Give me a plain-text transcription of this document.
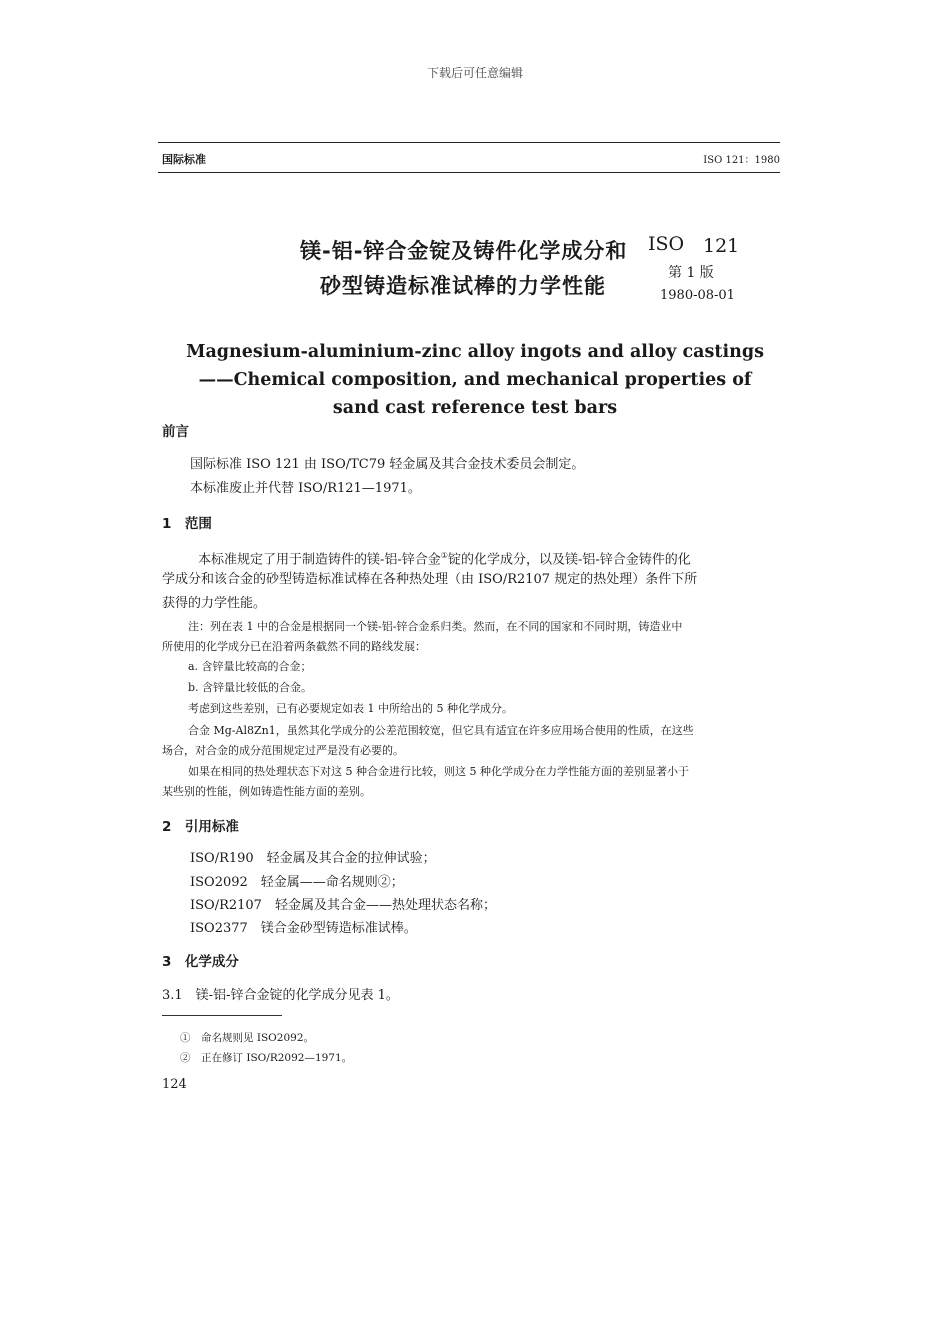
下载后可任意编辑
国际标准	ISO 121：1980
镁-铝-锌合金锭及铸件化学成分和
砂型铸造标准试棒的力学性能
ISO 121
第 1 版
1980-08-01
Magnesium-aluminium-zinc alloy ingots and alloy castings
——Chemical composition, and mechanical properties of
sand cast reference test bars
前言
国际标准 ISO 121 由 ISO/TC79 轻金属及其合金技术委员会制定。
本标准废止并代替 ISO/R121—1971。
1　范围
本标准规定了用于制造铸件的镁-铝-锌合金①锭的化学成分，以及镁-铝-锌合金铸件的化
学成分和该合金的砂型铸造标准试棒在各种热处理（由 ISO/R2107 规定的热处理）条件下所
获得的力学性能。
注：列在表 1 中的合金是根据同一个镁-铝-锌合金系归类。然而，在不同的国家和不同时期，铸造业中
所使用的化学成分已在沿着两条截然不同的路线发展：
a. 含锌量比较高的合金；
b. 含锌量比较低的合金。
考虑到这些差别，已有必要规定如表 1 中所给出的 5 种化学成分。
合金 Mg-Al8Zn1，虽然其化学成分的公差范围较宽，但它具有适宜在许多应用场合使用的性质，在这些
场合，对合金的成分范围规定过严是没有必要的。
如果在相同的热处理状态下对这 5 种合金进行比较，则这 5 种化学成分在力学性能方面的差别显著小于
某些别的性能，例如铸造性能方面的差别。
2　引用标准
ISO/R190　轻金属及其合金的拉伸试验；
ISO2092　轻金属——命名规则②；
ISO/R2107　轻金属及其合金——热处理状态名称；
ISO2377　镁合金砂型铸造标准试棒。
3　化学成分
3.1　镁-铝-锌合金锭的化学成分见表 1。
①　命名规则见 ISO2092。
②　正在修订 ISO/R2092—1971。
124
